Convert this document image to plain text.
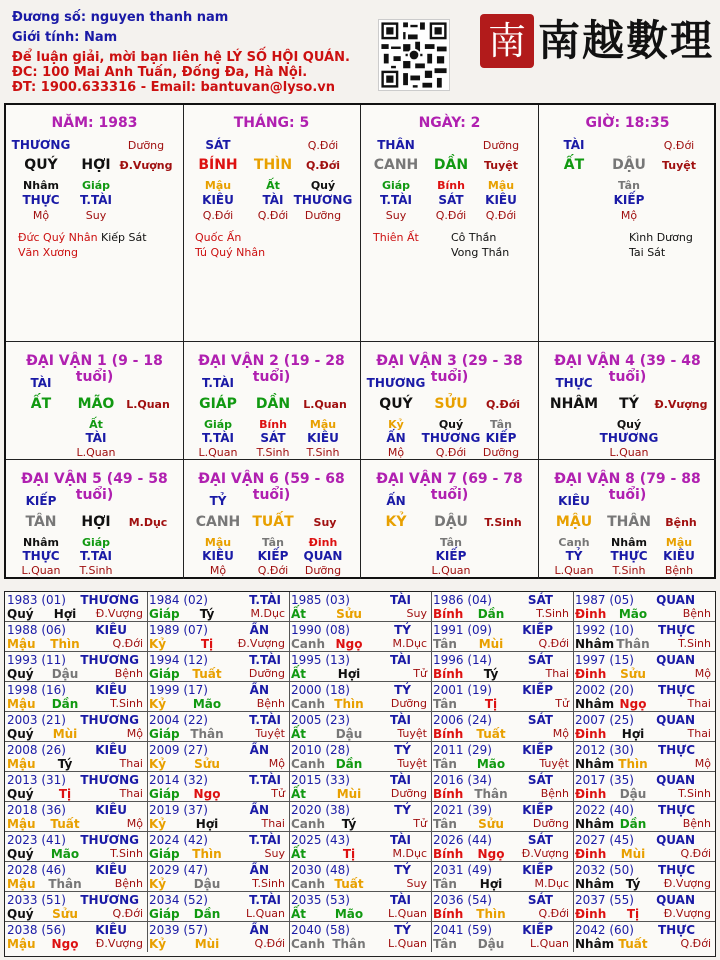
Đương số: nguyen thanh nam
Giới tính: Nam
Để luận giải, mời bạn liên hệ LÝ SỐ HỘI QUÁN.
ĐC: 100 Mai Anh Tuấn, Đống Đa, Hà Nội.
ĐT: 1900.633316 - Email: bantuvan@lyso.vn
南 南越數理
NĂM: 1983
THƯƠNG	Dưỡng
QUÝ HỢI Đ.Vượng
Nhâm
THỰC
Mộ
Giáp
T.TÀI
Suy
Đức Quý Nhân
Văn Xương
Kiếp Sát
THÁNG: 5
SÁT	Q.Đới
BÍNH THÌN Q.Đới
Mậu
KIÊU
Q.Đới
Ất
TÀI
Q.Đới
Quý
THƯƠNG
Dưỡng
Quốc Ấn
Tú Quý Nhân
NGÀY: 2
THÂN	Dưỡng
CANH DẦN Tuyệt
Giáp
T.TÀI
Suy
Bính
SÁT
Q.Đới
Mậu
KIÊU
Q.Đới
Thiên Ất	Cô Thần
Vong Thần
GIỜ: 18:35
TÀI	Q.Đới
ẤT DẬU Tuyệt
Tân
KIẾP
Mộ
Kình Dương
Tai Sát
ĐẠI VẬN 1 (9 - 18 tuổi)
TÀI
ẤT MÃO L.Quan
Ất
TÀI
L.Quan
ĐẠI VẬN 2 (19 - 28 tuổi)
T.TÀI
GIÁP DẦN L.Quan
Giáp
T.TÀI
L.Quan
Bính
SÁT
T.Sinh
Mậu
KIÊU
T.Sinh
ĐẠI VẬN 3 (29 - 38 tuổi)
THƯƠNG
QUÝ SỬU Q.Đới
Kỷ
ẤN
Mộ
Quý
THƯƠNG
Q.Đới
Tân
KIẾP
Dưỡng
ĐẠI VẬN 4 (39 - 48 tuổi)
THỰC
NHÂM TÝ Đ.Vượng
Quý
THƯƠNG
L.Quan
ĐẠI VẬN 5 (49 - 58 tuổi)
KIẾP
TÂN HỢI M.Dục
Nhâm
THỰC
L.Quan
Giáp
T.TÀI
T.Sinh
ĐẠI VẬN 6 (59 - 68 tuổi)
TỶ
CANH TUẤT Suy
Mậu
KIÊU
Mộ
Tân
KIẾP
Q.Đới
Đinh
QUAN
Dưỡng
ĐẠI VẬN 7 (69 - 78 tuổi)
ẤN
KỶ DẬU T.Sinh
Tân
KIẾP
L.Quan
ĐẠI VẬN 8 (79 - 88 tuổi)
KIÊU
MẬU THÂN Bệnh
Canh
TỶ
L.Quan
Nhâm
THỰC
T.Sinh
Mậu
KIÊU
Bệnh
1983 (01) THƯƠNG
Quý Hợi Đ.Vượng
1984 (02)	T.TÀI
Giáp Tý	M.Dục
1985 (03)	TÀI
Ất	Sửu	Suy
1986 (04)	SÁT
Bính Dần	T.Sinh
1987 (05) QUAN
Đinh Mão	Bệnh
1988 (06) KIÊU
Mậu Thìn	Q.Đới
1989 (07)	ẤN
Kỷ	Tị Đ.Vượng
1990 (08)	TỶ
Canh Ngọ	M.Dục
1991 (09)	KIẾP
Tân Mùi	Q.Đới
1992 (10) THỰC
Nhâm Thân	T.Sinh
1993 (11) THƯƠNG
Quý Dậu	Bệnh
1994 (12)	T.TÀI
Giáp Tuất Dưỡng
1995 (13)	TÀI
Ất	Hợi	Tử
1996 (14)	SÁT
Bính Tý	Thai
1997 (15) QUAN
Đinh Sửu	Mộ
1998 (16) KIÊU
Mậu Dần	T.Sinh
1999 (17)	ẤN
Kỷ Mão	Bệnh
2000 (18)	TỶ
Canh Thìn Dưỡng
2001 (19)	KIẾP
Tân Tị	Tử
2002 (20) THỰC
Nhâm Ngọ	Thai
2003 (21) THƯƠNG
Quý Mùi	Mộ
2004 (22)	T.TÀI
Giáp Thân	Tuyệt
2005 (23)	TÀI
Ất Dậu	Tuyệt
2006 (24)	SÁT
Bính Tuất	Mộ
2007 (25) QUAN
Đinh Hợi	Thai
2008 (26) KIÊU
Mậu Tý	Thai
2009 (27)	ẤN
Kỷ Sửu	Mộ
2010 (28)	TỶ
Canh Dần	Tuyệt
2011 (29)	KIẾP
Tân Mão	Tuyệt
2012 (30) THỰC
Nhâm Thìn	Mộ
2013 (31) THƯƠNG
Quý Tị	Thai
2014 (32)	T.TÀI
Giáp Ngọ	Tử
2015 (33)	TÀI
Ất	Mùi	Dưỡng
2016 (34)	SÁT
Bính Thân	Bệnh
2017 (35) QUAN
Đinh Dậu	T.Sinh
2018 (36) KIÊU
Mậu Tuất	Mộ
2019 (37)	ẤN
Kỷ Hợi	Thai
2020 (38)	TỶ
Canh Tý	Tử
2021 (39)	KIẾP
Tân Sửu	Dưỡng
2022 (40) THỰC
Nhâm Dần	Bệnh
2023 (41) THƯƠNG
Quý Mão	T.Sinh
2024 (42)	T.TÀI
Giáp Thìn	Suy
2025 (43)	TÀI
Ất	Tị	M.Dục
2026 (44)	SÁT
Bính Ngọ Đ.Vượng
2027 (45) QUAN
Đinh Mùi	Q.Đới
2028 (46) KIÊU
Mậu Thân	Bệnh
2029 (47)	ẤN
Kỷ Dậu	T.Sinh
2030 (48)	TỶ
Canh Tuất	Suy
2031 (49)	KIẾP
Tân Hợi	M.Dục
2032 (50) THỰC
Nhâm Tý Đ.Vượng
2033 (51) THƯƠNG
Quý Sửu	Q.Đới
2034 (52)	T.TÀI
Giáp Dần L.Quan
2035 (53)	TÀI
Ất Mão L.Quan
2036 (54)	SÁT
Bính Thìn	Q.Đới
2037 (55) QUAN
Đinh Tị Đ.Vượng
2038 (56) KIÊU
Mậu Ngọ Đ.Vượng
2039 (57)	ẤN
Kỷ Mùi	Q.Đới
2040 (58)	TỶ
Canh Thân L.Quan
2041 (59)	KIẾP
Tân Dậu L.Quan
2042 (60) THỰC
Nhâm Tuất	Q.Đới
